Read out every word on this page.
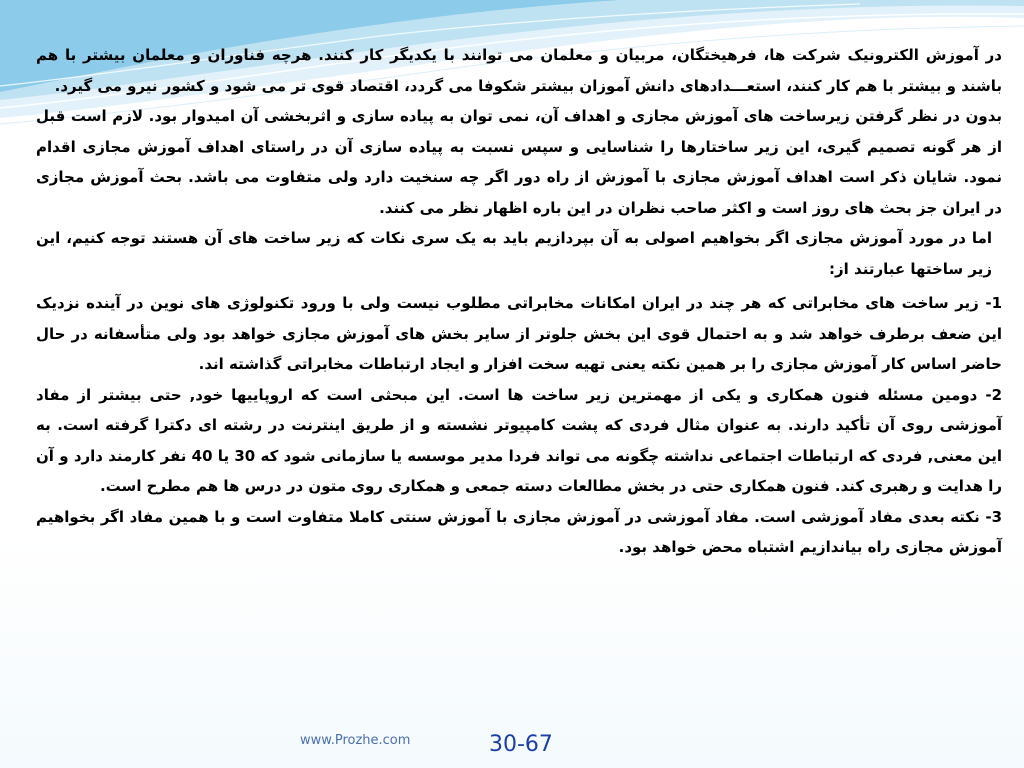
در آموزش الکترونیک شرکت ها، فرهیختگان، مربیان و معلمان می توانند با یکدیگر کار کنند. هرچه فناوران و معلمان بیشتر با هم باشند و بیشتر با هم کار کنند، استعـــدادهای دانش آموزان بیشتر شکوفا می گردد، اقتصاد قوی تر می شود و کشور نیرو می گیرد.

بدون در نظر گرفتن زیرساخت های آموزش مجازی و اهداف آن، نمی توان به پیاده سازی و اثربخشی آن امیدوار بود. لازم است قبل از هر گونه تصمیم گیری، این زیر ساختارها را شناسایی و سپس نسبت به پیاده سازی آن در راستای اهداف آموزش مجازی اقدام نمود. شایان ذکر است اهداف آموزش مجازی با آموزش از راه دور اگر چه سنخیت دارد ولی متفاوت می باشد. بحث آموزش مجازی در ایران جز بحث های روز است و اکثر صاحب نظران در این باره اظهار نظر می کنند.

اما در مورد آموزش مجازی اگر بخواهیم اصولی به آن بپردازیم باید به یک سری نکات که زیر ساخت های آن هستند توجه کنیم، این زیر ساختها عبارتند از:

1- زیر ساخت های مخابراتی که هر چند در ایران امکانات مخابراتی مطلوب نیست ولی با ورود تکنولوژی های نوین در آینده نزدیک این ضعف برطرف خواهد شد و به احتمال قوی این بخش جلوتر از سایر بخش های آموزش مجازی خواهد بود ولی متأسفانه در حال حاضر اساس کار آموزش مجازی را بر همین نکته یعنی تهیه سخت افزار و ایجاد ارتباطات مخابراتی گذاشته اند.

2- دومین مسئله فنون همکاری و یکی از مهمترین زیر ساخت ها است. این مبحثی است که اروپاییها خود, حتی بیشتر از مفاد آموزشی روی آن تأکید دارند. به عنوان مثال فردی که پشت کامپیوتر نشسته و از طریق اینترنت در رشته ای دکترا گرفته است. به این معنی, فردی که ارتباطات اجتماعی نداشته چگونه می تواند فردا مدیر موسسه یا سازمانی شود که 30 یا 40 نفر کارمند دارد و آن را هدایت و رهبری کند. فنون همکاری حتی در بخش مطالعات دسته جمعی و همکاری روی متون در درس ها هم مطرح است.

3- نکته بعدی مفاد آموزشی است. مفاد آموزشی در آموزش مجازی با آموزش سنتی کاملا متفاوت است و با همین مفاد اگر بخواهیم آموزش مجازی راه بیاندازیم اشتباه محض خواهد بود.

www.Prozhe.com	30-67
